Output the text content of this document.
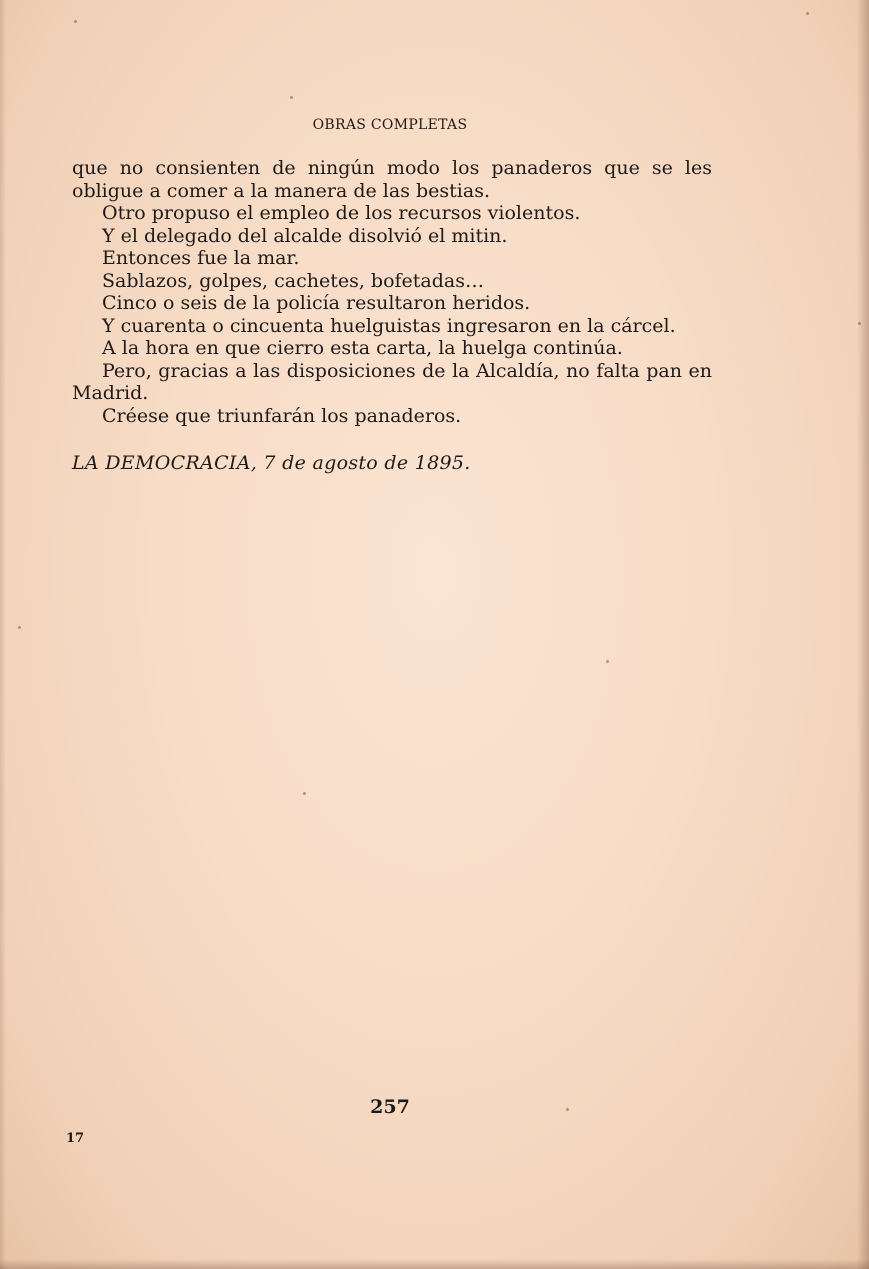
OBRAS COMPLETAS

que no consienten de ningún modo los panaderos que se les obligue a comer a la manera de las bestias.

Otro propuso el empleo de los recursos violentos.

Y el delegado del alcalde disolvió el mitin.

Entonces fue la mar.

Sablazos, golpes, cachetes, bofetadas…

Cinco o seis de la policía resultaron heridos.

Y cuarenta o cincuenta huelguistas ingresaron en la cárcel.

A la hora en que cierro esta carta, la huelga continúa.

Pero, gracias a las disposiciones de la Alcaldía, no falta pan en Madrid.

Créese que triunfarán los panaderos.

LA DEMOCRACIA, 7 de agosto de 1895.
257
17
